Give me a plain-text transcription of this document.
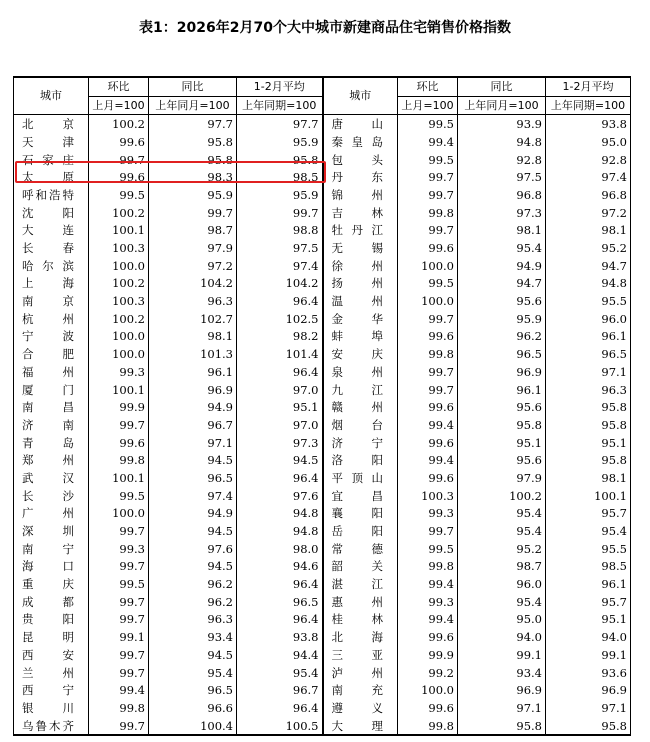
表1：2026年2月70个大中城市新建商品住宅销售价格指数
城市	环比	同比	1-2月平均	城市	环比	同比	1-2月平均
	上月=100	上年同月=100	上年同期=100		上月=100	上年同月=100	上年同期=100
北京	100.2	97.7	97.7	唐山	99.5	93.9	93.8
天津	99.6	95.8	95.9	秦皇岛	99.4	94.8	95.0
石家庄	99.7	95.8	95.8	包头	99.5	92.8	92.8
太原	99.6	98.3	98.5	丹东	99.7	97.5	97.4
呼和浩特	99.5	95.9	95.9	锦州	99.7	96.8	96.8
沈阳	100.2	99.7	99.7	吉林	99.8	97.3	97.2
大连	100.1	98.7	98.8	牡丹江	99.7	98.1	98.1
长春	100.3	97.9	97.5	无锡	99.6	95.4	95.2
哈尔滨	100.0	97.2	97.4	徐州	100.0	94.9	94.7
上海	100.2	104.2	104.2	扬州	99.5	94.7	94.8
南京	100.3	96.3	96.4	温州	100.0	95.6	95.5
杭州	100.2	102.7	102.5	金华	99.7	95.9	96.0
宁波	100.0	98.1	98.2	蚌埠	99.6	96.2	96.1
合肥	100.0	101.3	101.4	安庆	99.8	96.5	96.5
福州	99.3	96.1	96.4	泉州	99.7	96.9	97.1
厦门	100.1	96.9	97.0	九江	99.7	96.1	96.3
南昌	99.9	94.9	95.1	赣州	99.6	95.6	95.8
济南	99.7	96.7	97.0	烟台	99.4	95.8	95.8
青岛	99.6	97.1	97.3	济宁	99.6	95.1	95.1
郑州	99.8	94.5	94.5	洛阳	99.4	95.6	95.8
武汉	100.1	96.5	96.4	平顶山	99.6	97.9	98.1
长沙	99.5	97.4	97.6	宜昌	100.3	100.2	100.1
广州	100.0	94.9	94.8	襄阳	99.3	95.4	95.7
深圳	99.7	94.5	94.8	岳阳	99.7	95.4	95.4
南宁	99.3	97.6	98.0	常德	99.5	95.2	95.5
海口	99.7	94.5	94.6	韶关	99.8	98.7	98.5
重庆	99.5	96.2	96.4	湛江	99.4	96.0	96.1
成都	99.7	96.2	96.5	惠州	99.3	95.4	95.7
贵阳	99.7	96.3	96.4	桂林	99.4	95.0	95.1
昆明	99.1	93.4	93.8	北海	99.6	94.0	94.0
西安	99.7	94.5	94.4	三亚	99.9	99.1	99.1
兰州	99.7	95.4	95.4	泸州	99.2	93.4	93.6
西宁	99.4	96.5	96.7	南充	100.0	96.9	96.9
银川	99.8	96.6	96.4	遵义	99.6	97.1	97.1
乌鲁木齐	99.7	100.4	100.5	大理	99.8	95.8	95.8
